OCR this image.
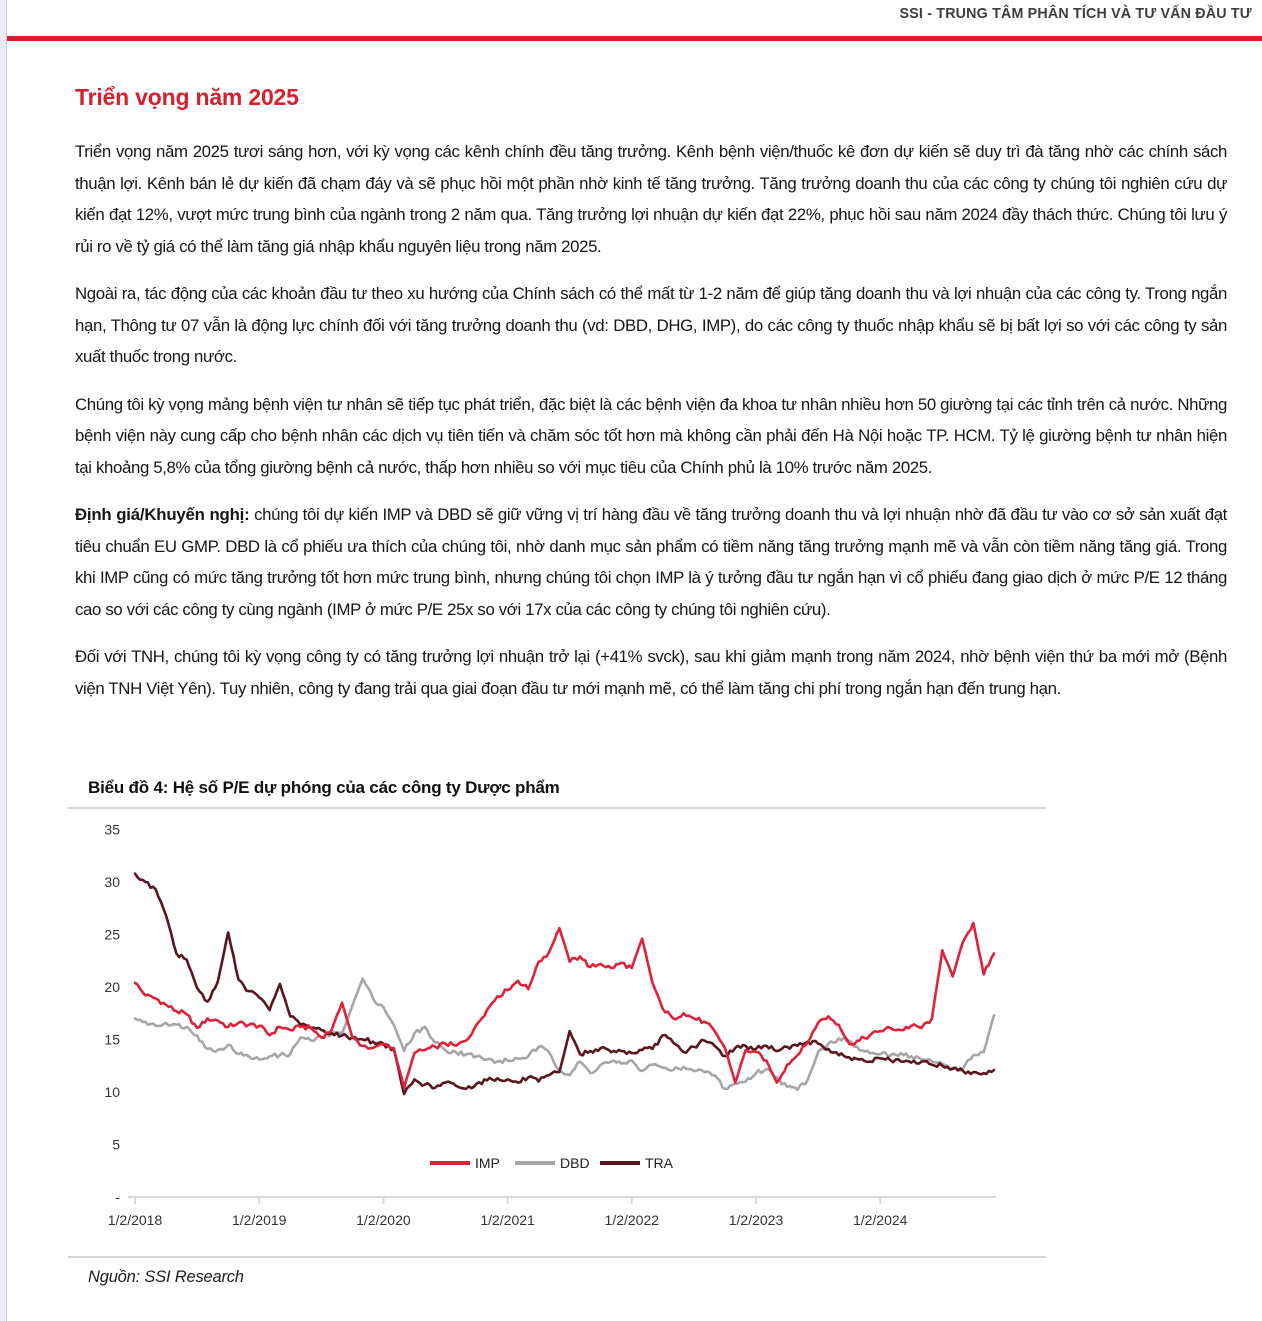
SSI - TRUNG TÂM PHÂN TÍCH VÀ TƯ VẤN ĐẦU TƯ
Triển vọng năm 2025

Triển vọng năm 2025 tươi sáng hơn, với kỳ vọng các kênh chính đều tăng trưởng. Kênh bệnh viện/thuốc kê đơn dự kiến sẽ duy trì đà tăng nhờ các chính sách thuận lợi. Kênh bán lẻ dự kiến đã chạm đáy và sẽ phục hồi một phần nhờ kinh tế tăng trưởng. Tăng trưởng doanh thu của các công ty chúng tôi nghiên cứu dự kiến đạt 12%, vượt mức trung bình của ngành trong 2 năm qua. Tăng trưởng lợi nhuận dự kiến đạt 22%, phục hồi sau năm 2024 đầy thách thức. Chúng tôi lưu ý rủi ro về tỷ giá có thể làm tăng giá nhập khẩu nguyên liệu trong năm 2025.

Ngoài ra, tác động của các khoản đầu tư theo xu hướng của Chính sách có thể mất từ 1-2 năm để giúp tăng doanh thu và lợi nhuận của các công ty. Trong ngắn hạn, Thông tư 07 vẫn là động lực chính đối với tăng trưởng doanh thu (vd: DBD, DHG, IMP), do các công ty thuốc nhập khẩu sẽ bị bất lợi so với các công ty sản xuất thuốc trong nước.

Chúng tôi kỳ vọng mảng bệnh viện tư nhân sẽ tiếp tục phát triển, đặc biệt là các bệnh viện đa khoa tư nhân nhiều hơn 50 giường tại các tỉnh trên cả nước. Những bệnh viện này cung cấp cho bệnh nhân các dịch vụ tiên tiến và chăm sóc tốt hơn mà không cần phải đến Hà Nội hoặc TP. HCM. Tỷ lệ giường bệnh tư nhân hiện tại khoảng 5,8% của tổng giường bệnh cả nước, thấp hơn nhiều so với mục tiêu của Chính phủ là 10% trước năm 2025.

Định giá/Khuyến nghị: chúng tôi dự kiến IMP và DBD sẽ giữ vững vị trí hàng đầu về tăng trưởng doanh thu và lợi nhuận nhờ đã đầu tư vào cơ sở sản xuất đạt tiêu chuẩn EU GMP. DBD là cổ phiếu ưa thích của chúng tôi, nhờ danh mục sản phẩm có tiềm năng tăng trưởng mạnh mẽ và vẫn còn tiềm năng tăng giá. Trong khi IMP cũng có mức tăng trưởng tốt hơn mức trung bình, nhưng chúng tôi chọn IMP là ý tưởng đầu tư ngắn hạn vì cổ phiếu đang giao dịch ở mức P/E 12 tháng cao so với các công ty cùng ngành (IMP ở mức P/E 25x so với 17x của các công ty chúng tôi nghiên cứu).

Đối với TNH, chúng tôi kỳ vọng công ty có tăng trưởng lợi nhuận trở lại (+41% svck), sau khi giảm mạnh trong năm 2024, nhờ bệnh viện thứ ba mới mở (Bệnh viện TNH Việt Yên). Tuy nhiên, công ty đang trải qua giai đoạn đầu tư mới mạnh mẽ, có thể làm tăng chi phí trong ngắn hạn đến trung hạn.

Biểu đồ 4: Hệ số P/E dự phóng của các công ty Dược phẩm
35
30
25
20
15
10
5
-
1/2/2018	1/2/2019	1/2/2020	1/2/2021	1/2/2022	1/2/2023	1/2/2024
IMP	DBD	TRA
Nguồn: SSI Research
